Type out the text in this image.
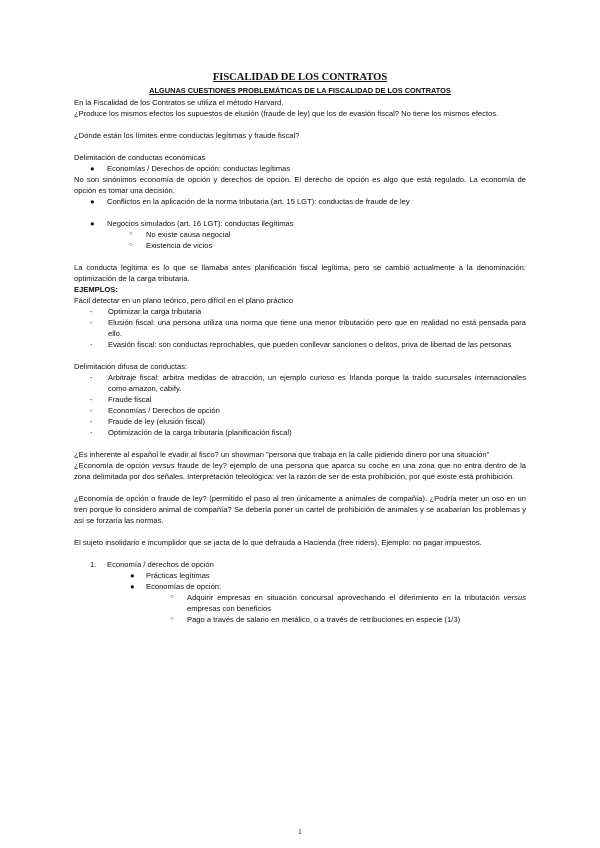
FISCALIDAD DE LOS CONTRATOS
ALGUNAS CUESTIONES PROBLEMÁTICAS DE LA FISCALIDAD DE LOS CONTRATOS

En la Fiscalidad de los Contratos se utiliza el método Harvard.

¿Produce los mismos efectos los supuestos de elusión (fraude de ley) que los de evasión fiscal? No tiene los mismos efectos.

¿Dónde están los límites entre conductas legítimas y fraude fiscal?

Delimitación de conductas económicas

● Economías / Derechos de opción: conductas legítimas

No son sinónimos economía de opción y derechos de opción. El derecho de opción es algo que está regulado. La economía de opción es tomar una decisión.

● Conflictos en la aplicación de la norma tributaria (art. 15 LGT): conductas de fraude de ley
● Negocios simulados (art. 16 LGT): conductas ilegítimas
○ No existe causa negocial
○ Existencia de vicios

La conducta legítima es lo que se llamaba antes planificación fiscal legítima, pero se cambió actualmente a la denominación: optimización de la carga tributaria.

EJEMPLOS:

Fácil detectar en un plano teórico, pero difícil en el plano práctico

- Optimizar la carga tributaria
- Elusión fiscal: una persona utiliza una norma que tiene una menor tributación pero que en realidad no está pensada para ello.
- Evasión fiscal: son conductas reprochables, que pueden conllevar sanciones o delitos, priva de libertad de las personas

Delimitación difusa de conductas:

- Arbitraje fiscal: arbitra medidas de atracción, un ejemplo curioso es Irlanda porque la traído sucursales internacionales como amazon, cabify.
- Fraude fiscal
- Economías / Derechos de opción
- Fraude de ley (elusión fiscal)
- Optimización de la carga tributaria (planificación fiscal)

¿Es inherente al español le evadir al fisco? un showman "persona que trabaja en la calle pidiendo dinero por una situación"

¿Economía de opción versus fraude de ley? ejemplo de una persona que aparca su coche en una zona que no entra dentro de la zona delimitada por dos señales. Interpretación teleológica: ver la razón de ser de esta prohibición, por qué existe está prohibición.

¿Economía de opción o fraude de ley? (permitido el paso al tren únicamente a animales de compañía). ¿Podría meter un oso en un tren porque lo considero animal de compañía? Se debería poner un cartel de prohibición de animales y se acabarían los problemas y así se forzaría las normas.

El sujeto insolidario e incumplidor que se jacta de lo que defrauda a Hacienda (free riders). Ejemplo: no pagar impuestos.

1. Economía / derechos de opción
● Prácticas legítimas
● Economías de opción:
○ Adquirir empresas en situación concursal aprovechando el diferimiento en la tributación versus empresas con beneficios
○ Pago a través de salario en metálico, o a través de retribuciones en especie (1/3)
1
